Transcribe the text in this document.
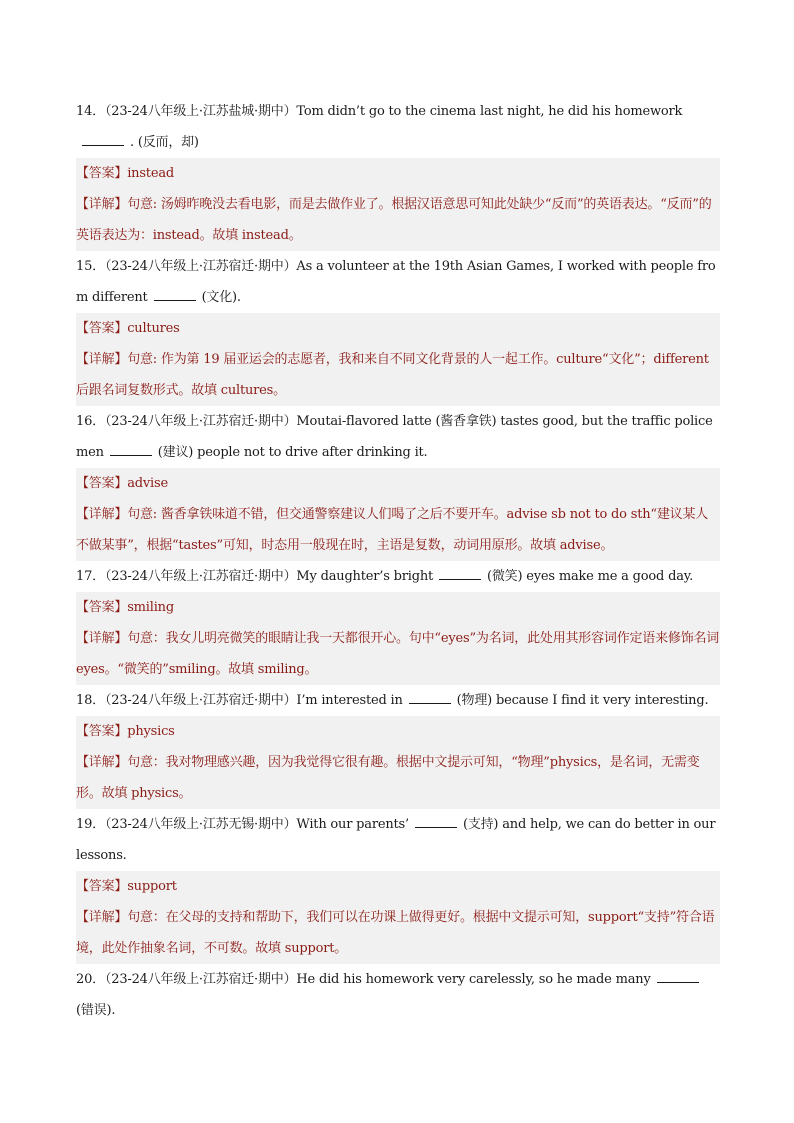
14．（23-24八年级上·江苏盐城·期中）Tom didn’t go to the cinema last night, he did his homework. (反而，却)

【答案】instead

【详解】句意: 汤姆昨晚没去看电影，而是去做作业了。根据汉语意思可知此处缺少“反而”的英语表达。“反而”的英语表达为：instead。故填 instead。

15．（23-24八年级上·江苏宿迁·期中）As a volunteer at the 19th Asian Games, I worked with people from different	(文化).

【答案】cultures

【详解】句意: 作为第 19 届亚运会的志愿者，我和来自不同文化背景的人一起工作。culture“文化”；different 后跟名词复数形式。故填 cultures。

16．（23-24八年级上·江苏宿迁·期中）Moutai-flavored latte (酱香拿铁) tastes good, but the traffic policemen	(建议) people not to drive after drinking it.

【答案】advise

【详解】句意: 酱香拿铁味道不错，但交通警察建议人们喝了之后不要开车。advise sb not to do sth“建议某人不做某事”，根据“tastes”可知，时态用一般现在时，主语是复数，动词用原形。故填 advise。

17．（23-24八年级上·江苏宿迁·期中）My daughter’s bright	(微笑) eyes make me a good day.

【答案】smiling

【详解】句意：我女儿明亮微笑的眼睛让我一天都很开心。句中“eyes”为名词，此处用其形容词作定语来修饰名词 eyes。“微笑的”smiling。故填 smiling。

18．（23-24八年级上·江苏宿迁·期中）I’m interested in	(物理) because I find it very interesting.

【答案】physics

【详解】句意：我对物理感兴趣，因为我觉得它很有趣。根据中文提示可知，“物理”physics，是名词，无需变形。故填 physics。

19．（23-24八年级上·江苏无锡·期中）With our parents’	(支持) and help, we can do better in our lessons.

【答案】support

【详解】句意：在父母的支持和帮助下，我们可以在功课上做得更好。根据中文提示可知，support“支持”符合语境，此处作抽象名词，不可数。故填 support。

20．（23-24八年级上·江苏宿迁·期中）He did his homework very carelessly, so he made many(错误).
